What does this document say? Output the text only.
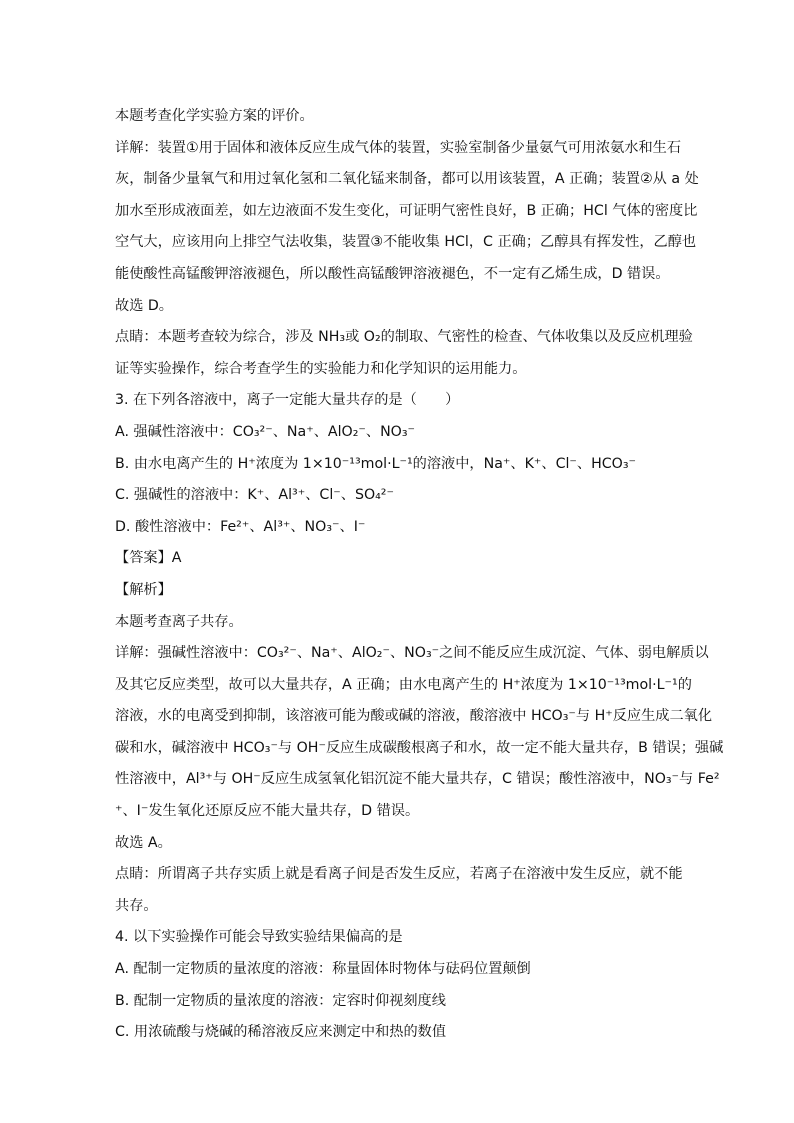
本题考查化学实验方案的评价。
详解：装置①用于固体和液体反应生成气体的装置，实验室制备少量氨气可用浓氨水和生石
灰，制备少量氧气和用过氧化氢和二氧化锰来制备，都可以用该装置，A 正确；装置②从 a 处
加水至形成液面差，如左边液面不发生变化，可证明气密性良好，B 正确；HCl 气体的密度比
空气大，应该用向上排空气法收集，装置③不能收集 HCl，C 正确；乙醇具有挥发性，乙醇也
能使酸性高锰酸钾溶液褪色，所以酸性高锰酸钾溶液褪色，不一定有乙烯生成，D 错误。
故选 D。
点睛：本题考查较为综合，涉及 NH₃或 O₂的制取、气密性的检查、气体收集以及反应机理验
证等实验操作，综合考查学生的实验能力和化学知识的运用能力。
3. 在下列各溶液中，离子一定能大量共存的是（　　）
A. 强碱性溶液中：CO₃²⁻、Na⁺、AlO₂⁻、NO₃⁻
B. 由水电离产生的 H⁺浓度为 1×10⁻¹³mol·L⁻¹的溶液中，Na⁺、K⁺、Cl⁻、HCO₃⁻
C. 强碱性的溶液中：K⁺、Al³⁺、Cl⁻、SO₄²⁻
D. 酸性溶液中：Fe²⁺、Al³⁺、NO₃⁻、I⁻
【答案】A
【解析】
本题考查离子共存。
详解：强碱性溶液中：CO₃²⁻、Na⁺、AlO₂⁻、NO₃⁻之间不能反应生成沉淀、气体、弱电解质以
及其它反应类型，故可以大量共存，A 正确；由水电离产生的 H⁺浓度为 1×10⁻¹³mol·L⁻¹的
溶液，水的电离受到抑制，该溶液可能为酸或碱的溶液，酸溶液中 HCO₃⁻与 H⁺反应生成二氧化
碳和水，碱溶液中 HCO₃⁻与 OH⁻反应生成碳酸根离子和水，故一定不能大量共存，B 错误；强碱
性溶液中，Al³⁺与 OH⁻反应生成氢氧化铝沉淀不能大量共存，C 错误；酸性溶液中，NO₃⁻与 Fe²
⁺、I⁻发生氧化还原反应不能大量共存，D 错误。
故选 A。
点睛：所谓离子共存实质上就是看离子间是否发生反应，若离子在溶液中发生反应，就不能
共存。
4. 以下实验操作可能会导致实验结果偏高的是
A. 配制一定物质的量浓度的溶液：称量固体时物体与砝码位置颠倒
B. 配制一定物质的量浓度的溶液：定容时仰视刻度线
C. 用浓硫酸与烧碱的稀溶液反应来测定中和热的数值
